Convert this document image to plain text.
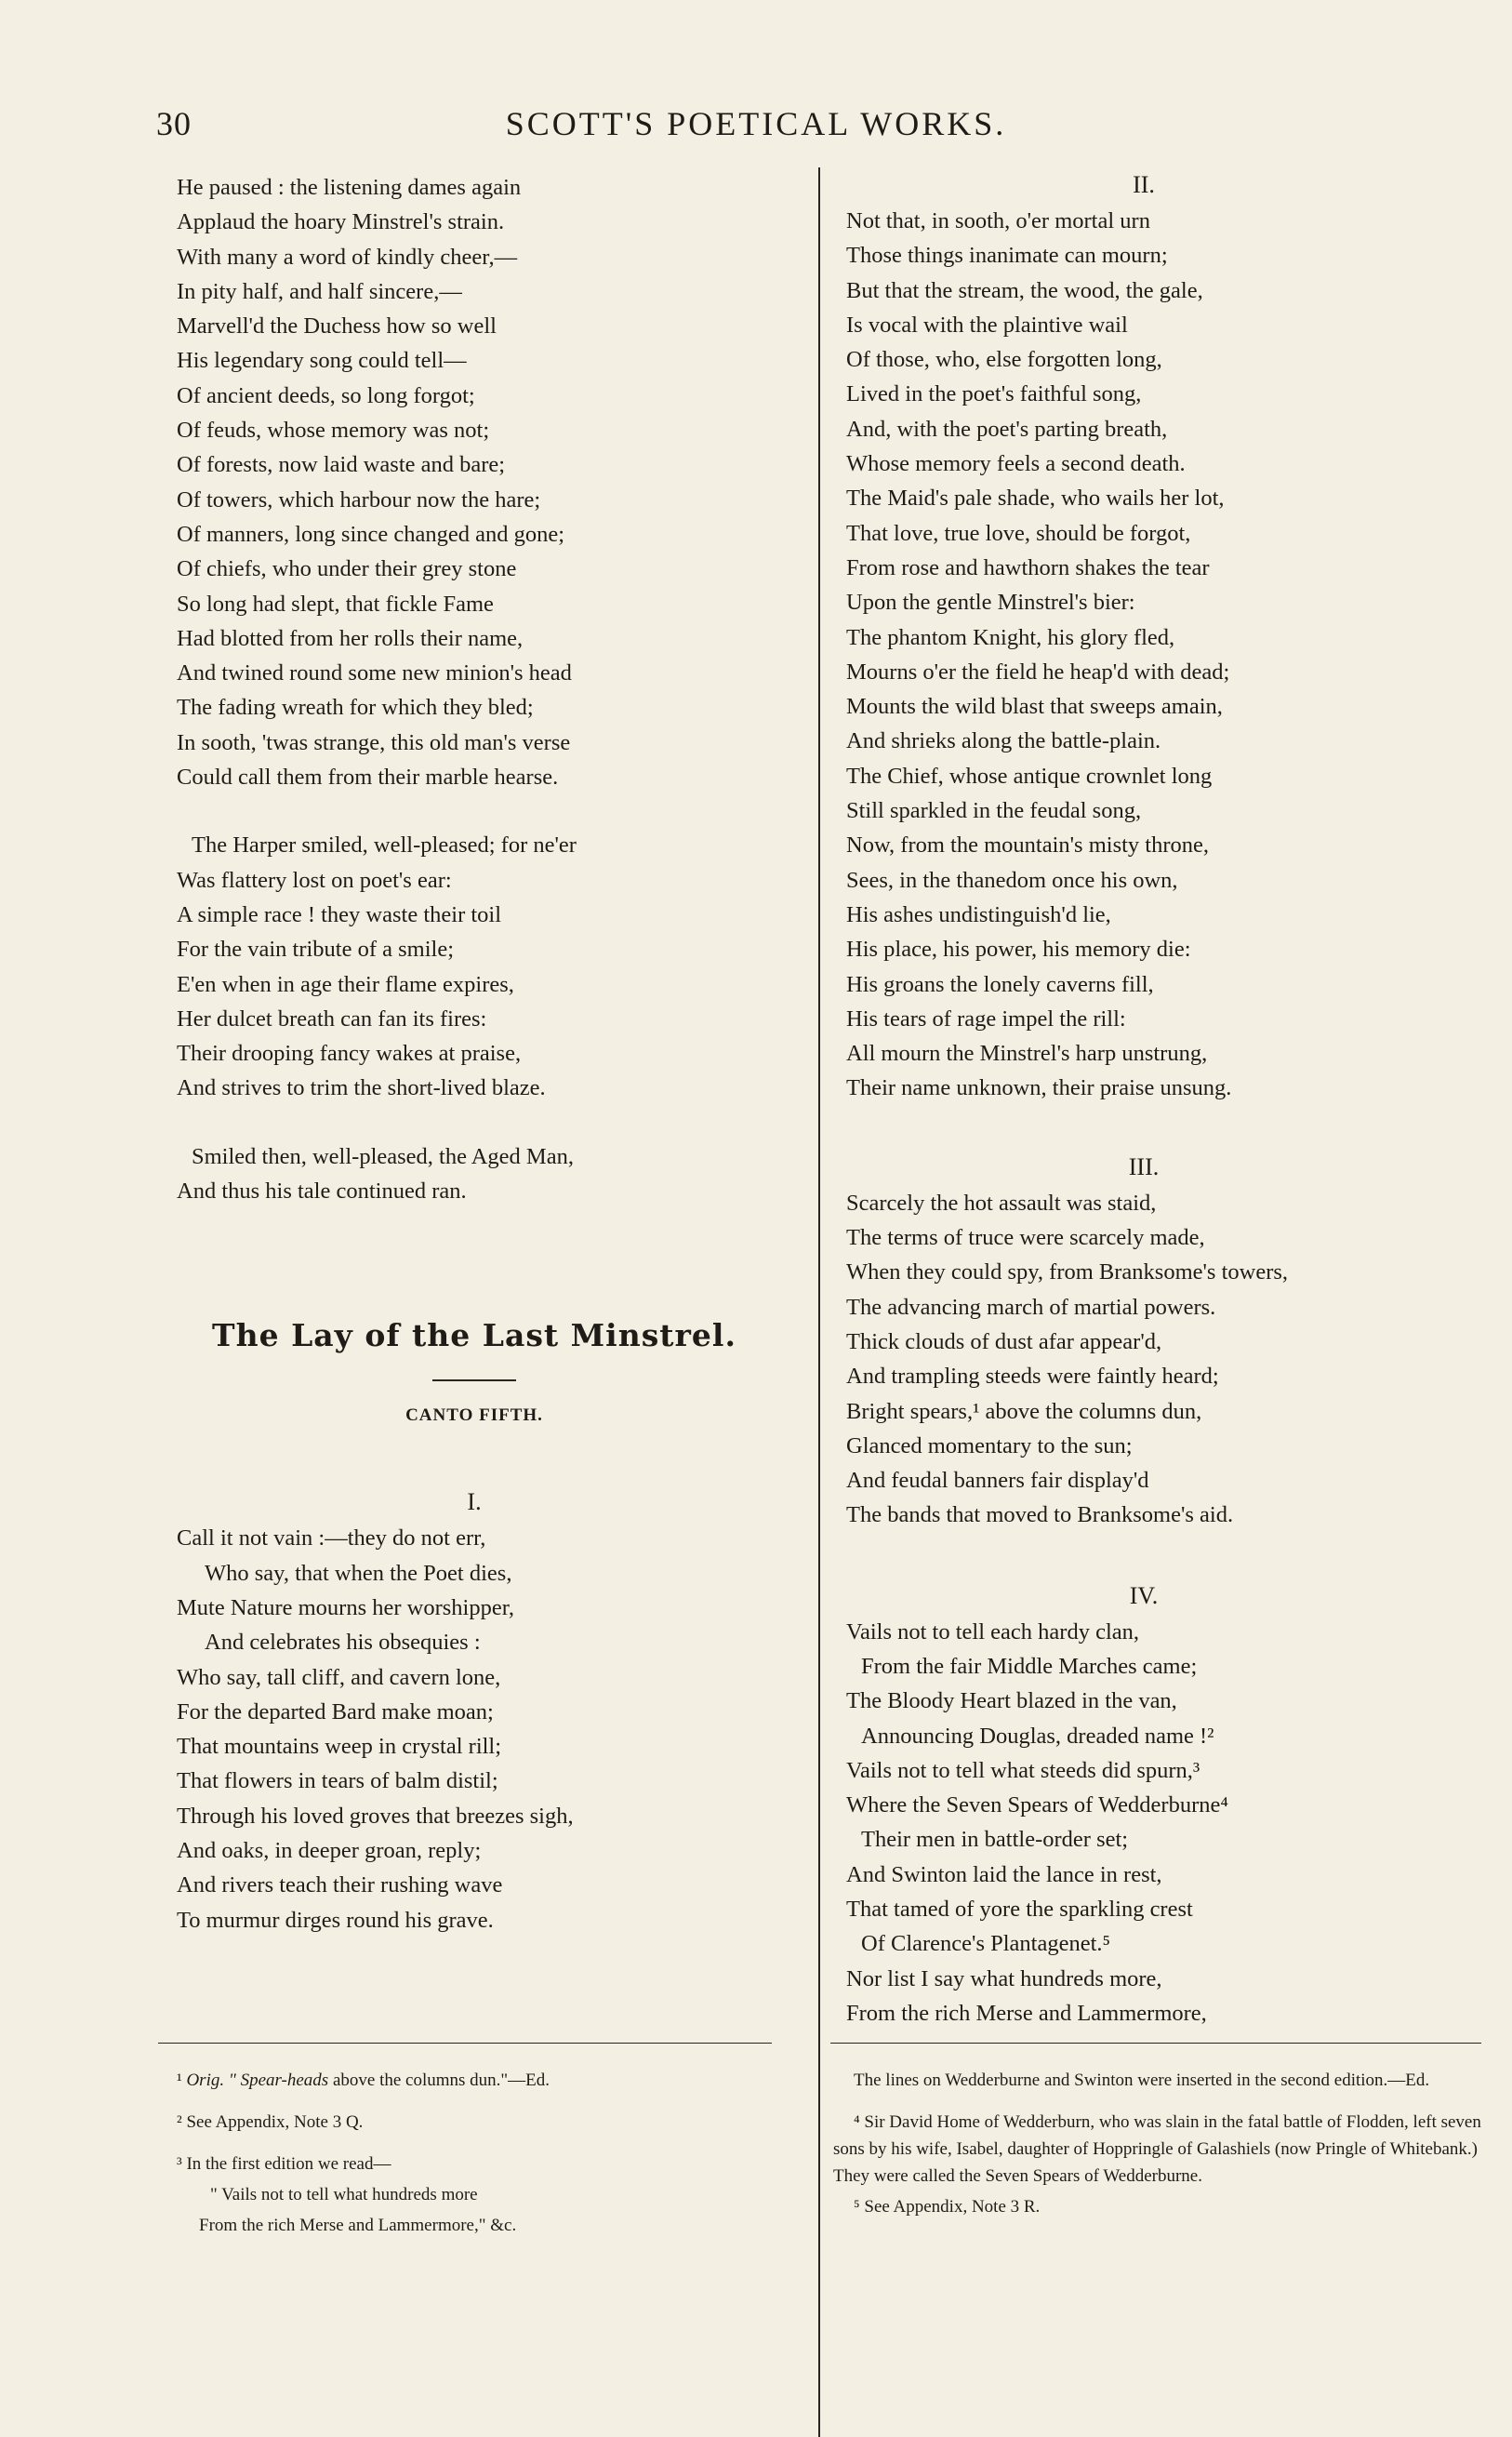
30	SCOTT'S POETICAL WORKS.
He paused : the listening dames again
Applaud the hoary Minstrel's strain.
With many a word of kindly cheer,—
In pity half, and half sincere,—
Marvell'd the Duchess how so well
His legendary song could tell—
Of ancient deeds, so long forgot;
Of feuds, whose memory was not;
Of forests, now laid waste and bare;
Of towers, which harbour now the hare;
Of manners, long since changed and gone;
Of chiefs, who under their grey stone
So long had slept, that fickle Fame
Had blotted from her rolls their name,
And twined round some new minion's head
The fading wreath for which they bled;
In sooth, 'twas strange, this old man's verse
Could call them from their marble hearse.
The Harper smiled, well-pleased; for ne'er
Was flattery lost on poet's ear:
A simple race ! they waste their toil
For the vain tribute of a smile;
E'en when in age their flame expires,
Her dulcet breath can fan its fires:
Their drooping fancy wakes at praise,
And strives to trim the short-lived blaze.
Smiled then, well-pleased, the Aged Man,
And thus his tale continued ran.
The Lay of the Last Minstrel.
CANTO FIFTH.
I.
Call it not vain :—they do not err,
Who say, that when the Poet dies,
Mute Nature mourns her worshipper,
And celebrates his obsequies :
Who say, tall cliff, and cavern lone,
For the departed Bard make moan;
That mountains weep in crystal rill;
That flowers in tears of balm distil;
Through his loved groves that breezes sigh,
And oaks, in deeper groan, reply;
And rivers teach their rushing wave
To murmur dirges round his grave.
II.
Not that, in sooth, o'er mortal urn
Those things inanimate can mourn;
But that the stream, the wood, the gale,
Is vocal with the plaintive wail
Of those, who, else forgotten long,
Lived in the poet's faithful song,
And, with the poet's parting breath,
Whose memory feels a second death.
The Maid's pale shade, who wails her lot,
That love, true love, should be forgot,
From rose and hawthorn shakes the tear
Upon the gentle Minstrel's bier:
The phantom Knight, his glory fled,
Mourns o'er the field he heap'd with dead;
Mounts the wild blast that sweeps amain,
And shrieks along the battle-plain.
The Chief, whose antique crownlet long
Still sparkled in the feudal song,
Now, from the mountain's misty throne,
Sees, in the thanedom once his own,
His ashes undistinguish'd lie,
His place, his power, his memory die:
His groans the lonely caverns fill,
His tears of rage impel the rill:
All mourn the Minstrel's harp unstrung,
Their name unknown, their praise unsung.
III.
Scarcely the hot assault was staid,
The terms of truce were scarcely made,
When they could spy, from Branksome's towers,
The advancing march of martial powers.
Thick clouds of dust afar appear'd,
And trampling steeds were faintly heard;
Bright spears,¹ above the columns dun,
Glanced momentary to the sun;
And feudal banners fair display'd
The bands that moved to Branksome's aid.
IV.
Vails not to tell each hardy clan,
From the fair Middle Marches came;
The Bloody Heart blazed in the van,
Announcing Douglas, dreaded name !²
Vails not to tell what steeds did spurn,³
Where the Seven Spears of Wedderburne⁴
Their men in battle-order set;
And Swinton laid the lance in rest,
That tamed of yore the sparkling crest
Of Clarence's Plantagenet.⁵
Nor list I say what hundreds more,
From the rich Merse and Lammermore,

¹ Orig. " Spear-heads above the columns dun."—Ed.

² See Appendix, Note 3 Q.

³ In the first edition we read—

" Vails not to tell what hundreds more

From the rich Merse and Lammermore," &c.

The lines on Wedderburne and Swinton were inserted in the second edition.—Ed.

⁴ Sir David Home of Wedderburn, who was slain in the fatal battle of Flodden, left seven sons by his wife, Isabel, daughter of Hoppringle of Galashiels (now Pringle of Whitebank.) They were called the Seven Spears of Wedderburne.

⁵ See Appendix, Note 3 R.
